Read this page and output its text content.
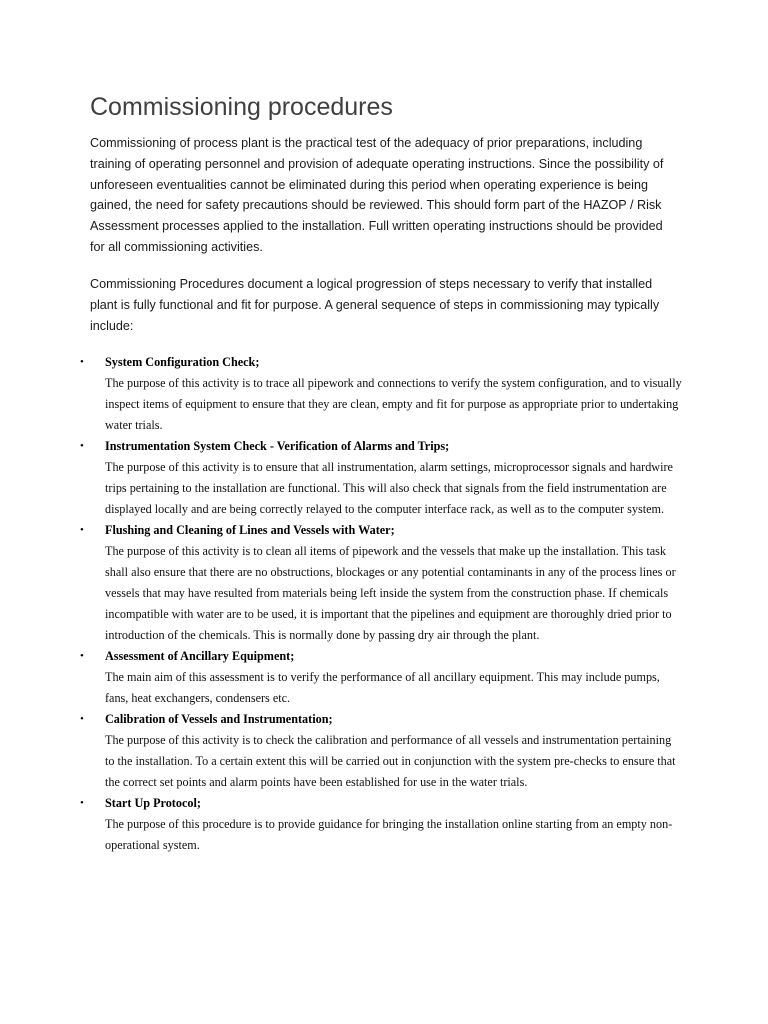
Commissioning procedures

Commissioning of process plant is the practical test of the adequacy of prior preparations, including training of operating personnel and provision of adequate operating instructions. Since the possibility of unforeseen eventualities cannot be eliminated during this period when operating experience is being gained, the need for safety precautions should be reviewed. This should form part of the HAZOP / Risk Assessment processes applied to the installation. Full written operating instructions should be provided for all commissioning activities.

Commissioning Procedures document a logical progression of steps necessary to verify that installed plant is fully functional and fit for purpose. A general sequence of steps in commissioning may typically include:

• System Configuration Check;

The purpose of this activity is to trace all pipework and connections to verify the system configuration, and to visually inspect items of equipment to ensure that they are clean, empty and fit for purpose as appropriate prior to undertaking water trials.

• Instrumentation System Check - Verification of Alarms and Trips;

The purpose of this activity is to ensure that all instrumentation, alarm settings, microprocessor signals and hardwire trips pertaining to the installation are functional. This will also check that signals from the field instrumentation are displayed locally and are being correctly relayed to the computer interface rack, as well as to the computer system.

• Flushing and Cleaning of Lines and Vessels with Water;

The purpose of this activity is to clean all items of pipework and the vessels that make up the installation. This task shall also ensure that there are no obstructions, blockages or any potential contaminants in any of the process lines or vessels that may have resulted from materials being left inside the system from the construction phase. If chemicals incompatible with water are to be used, it is important that the pipelines and equipment are thoroughly dried prior to introduction of the chemicals. This is normally done by passing dry air through the plant.

• Assessment of Ancillary Equipment;

The main aim of this assessment is to verify the performance of all ancillary equipment. This may include pumps, fans, heat exchangers, condensers etc.

• Calibration of Vessels and Instrumentation;

The purpose of this activity is to check the calibration and performance of all vessels and instrumentation pertaining to the installation. To a certain extent this will be carried out in conjunction with the system pre-checks to ensure that the correct set points and alarm points have been established for use in the water trials.

• Start Up Protocol;

The purpose of this procedure is to provide guidance for bringing the installation online starting from an empty non-operational system.
